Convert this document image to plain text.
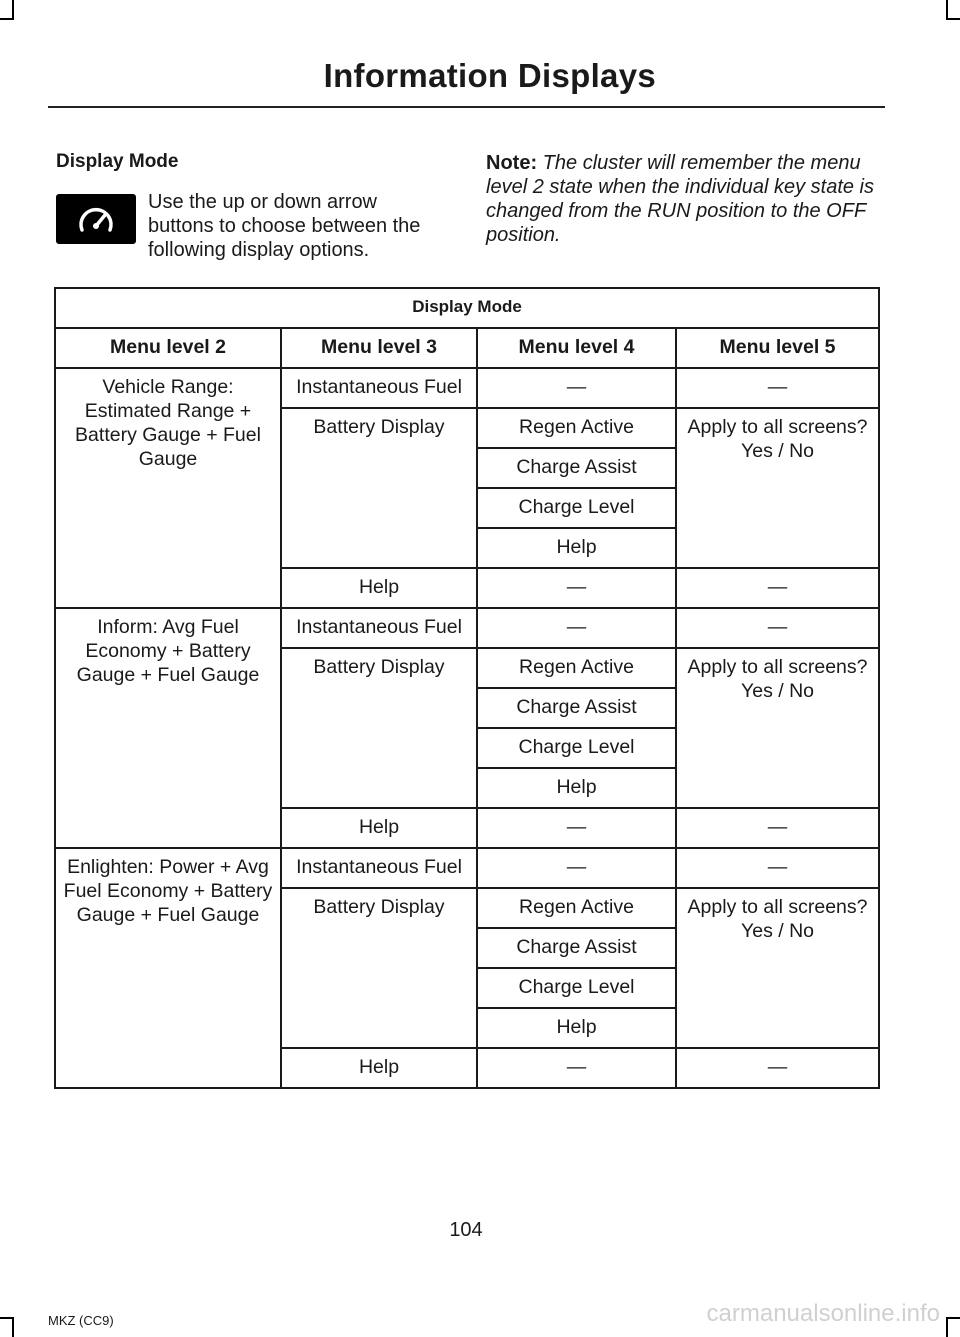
Information Displays
Display Mode
Use the up or down arrow buttons to choose between the following display options.
Note: The cluster will remember the menu level 2 state when the individual key state is changed from the RUN position to the OFF position.
Display Mode			
Menu level 2	Menu level 3	Menu level 4	Menu level 5
Vehicle Range: Estimated Range + Battery Gauge + Fuel Gauge	Instantaneous Fuel	—	—
	Battery Display	Regen Active	Apply to all screens?
Yes / No

		Charge Assist	
		Charge Level	
		Help	
	Help	—	—
Inform: Avg Fuel Economy + Battery Gauge + Fuel Gauge	Instantaneous Fuel	—	—
	Battery Display	Regen Active	Apply to all screens?
Yes / No

		Charge Assist	
		Charge Level	
		Help	
	Help	—	—
Enlighten: Power + Avg Fuel Economy + Battery Gauge + Fuel Gauge	Instantaneous Fuel	—	—
	Battery Display	Regen Active	Apply to all screens?
Yes / No

		Charge Assist	
		Charge Level	
		Help	
	Help	—	—
104
MKZ (CC9)	carmanualsonline.info
